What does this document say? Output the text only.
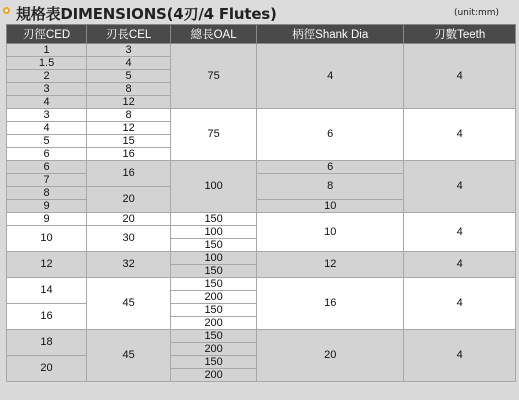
規格表DIMENSIONS(4刃/4 Flutes)	(unit:mm)
刃徑CED	刃長CEL	總長OAL	柄徑Shank Dia	刃數Teeth
1	3	75	4	4
1.5	4			
2	5			
3	8			
4	12			
3	8	75	6	4
4	12			
5	15			
6	16			
6	16	100	6	4
7			8	
8	20			
9			10	
9	20	150	10	4
10	30	100		
		150		
12	32	100	12	4
		150		
14	45	150	16	4
		200		
16		150		
		200		
18	45	150	20	4
		200		
20		150		
		200		
